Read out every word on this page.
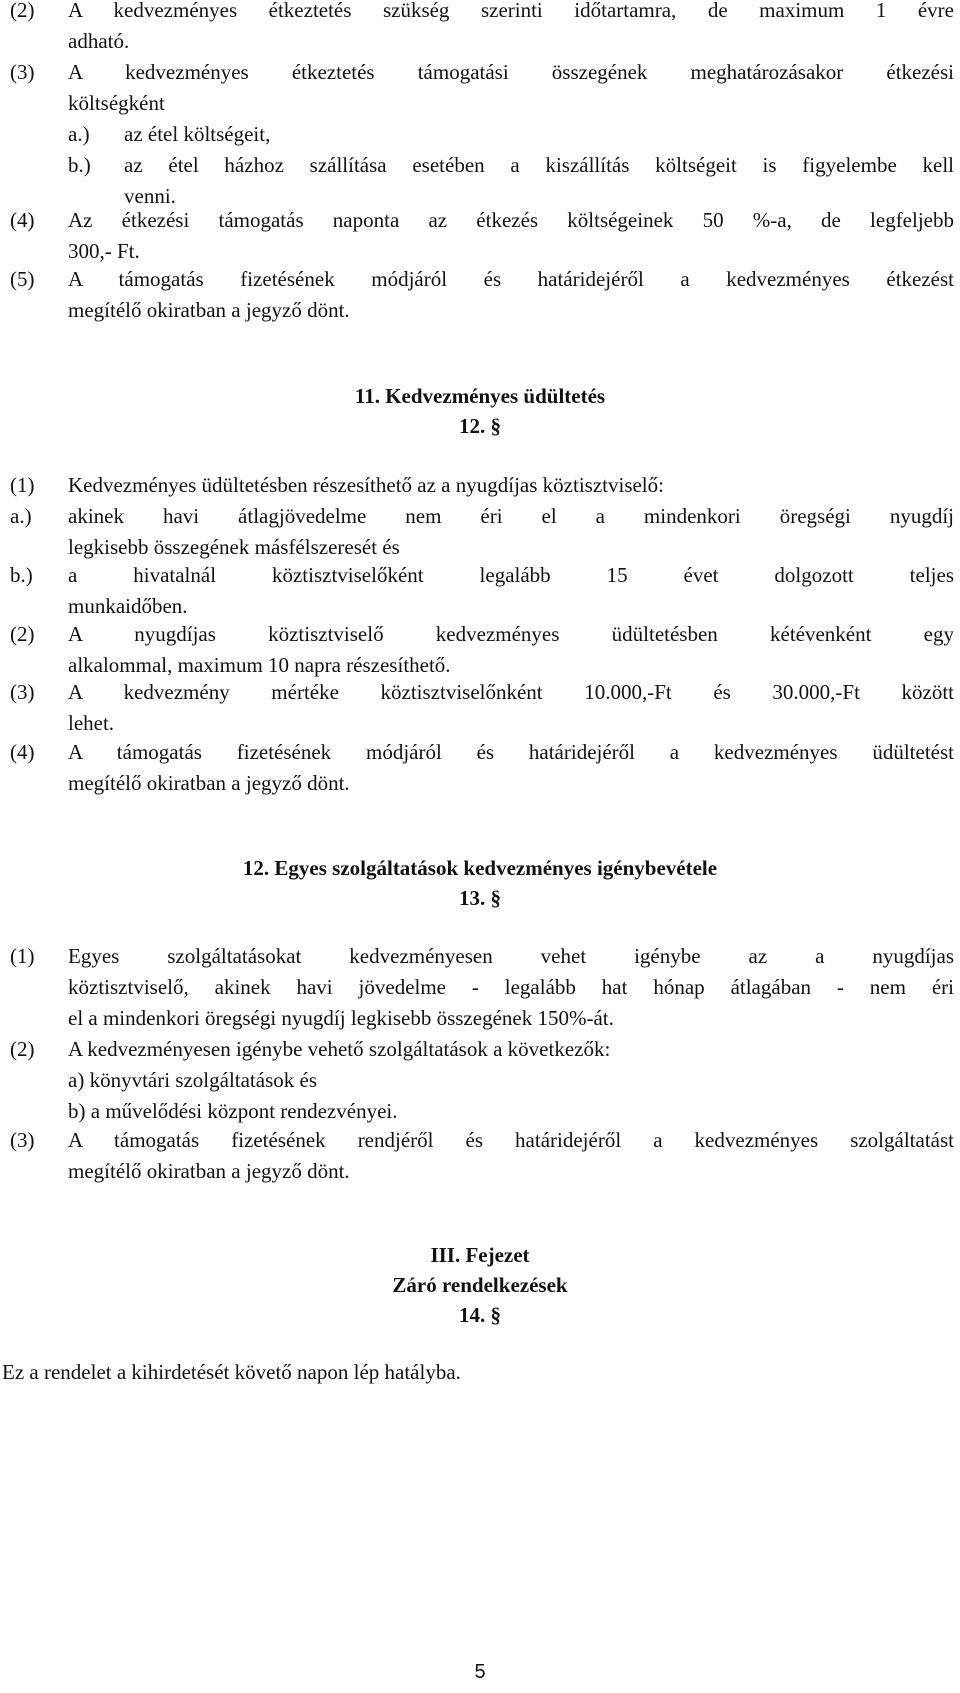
(2) A kedvezményes étkeztetés szükség szerinti időtartamra, de maximum 1 évre
adható.
(3) A kedvezményes étkeztetés támogatási összegének meghatározásakor étkezési
költségként
a.) az étel költségeit,
b.) az étel házhoz szállítása esetében a kiszállítás költségeit is figyelembe kell
venni.
(4) Az étkezési támogatás naponta az étkezés költségeinek 50 %-a, de legfeljebb
300,- Ft.
(5) A támogatás fizetésének módjáról és határidejéről a kedvezményes étkezést
megítélő okiratban a jegyző dönt.
11. Kedvezményes üdültetés
12. §
(1) Kedvezményes üdültetésben részesíthető az a nyugdíjas köztisztviselő:
a.) akinek havi átlagjövedelme nem éri el a mindenkori öregségi nyugdíj
legkisebb összegének másfélszeresét és
b.) a hivatalnál köztisztviselőként legalább 15 évet dolgozott teljes
munkaidőben.
(2) A nyugdíjas köztisztviselő kedvezményes üdültetésben kétévenként egy
alkalommal, maximum 10 napra részesíthető.
(3) A kedvezmény mértéke köztisztviselőnként 10.000,-Ft és 30.000,-Ft között
lehet.
(4) A támogatás fizetésének módjáról és határidejéről a kedvezményes üdültetést
megítélő okiratban a jegyző dönt.
12. Egyes szolgáltatások kedvezményes igénybevétele
13. §
(1) Egyes szolgáltatásokat kedvezményesen vehet igénybe az a nyugdíjas
köztisztviselő, akinek havi jövedelme - legalább hat hónap átlagában - nem éri
el a mindenkori öregségi nyugdíj legkisebb összegének 150%-át.
(2) A kedvezményesen igénybe vehető szolgáltatások a következők:
a) könyvtári szolgáltatások és
b) a művelődési központ rendezvényei.
(3) A támogatás fizetésének rendjéről és határidejéről a kedvezményes szolgáltatást
megítélő okiratban a jegyző dönt.
III. Fejezet
Záró rendelkezések
14. §
Ez a rendelet a kihirdetését követő napon lép hatályba.
5
